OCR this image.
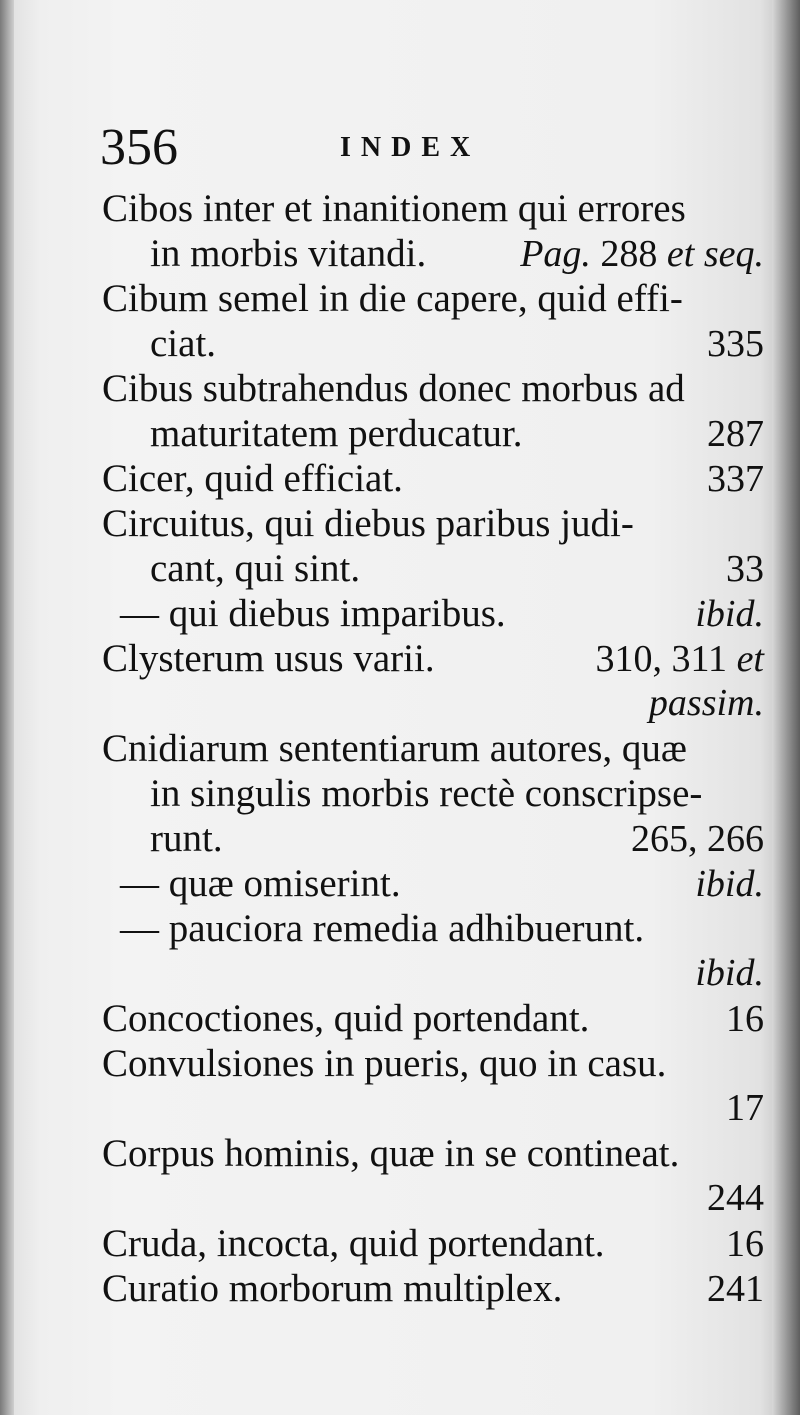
356	INDEX
Cibos inter et inanitionem qui errores
in morbis vitandi. Pag. 288 et seq.
Cibum semel in die capere, quid effi-
ciat.	335
Cibus subtrahendus donec morbus ad
maturitatem perducatur.	287
Cicer, quid efficiat.	337
Circuitus, qui diebus paribus judi-
cant, qui sint.	33
— qui diebus imparibus.	ibid.
Clysterum usus varii.	310, 311 et
passim.
Cnidiarum sententiarum autores, quæ
in singulis morbis rectè conscripse-
runt.	265, 266
— quæ omiserint.	ibid.
— pauciora remedia adhibuerunt.
ibid.
Concoctiones, quid portendant.	16
Convulsiones in pueris, quo in casu.
17
Corpus hominis, quæ in se contineat.
244
Cruda, incocta, quid portendant.	16
Curatio morborum multiplex.	241
